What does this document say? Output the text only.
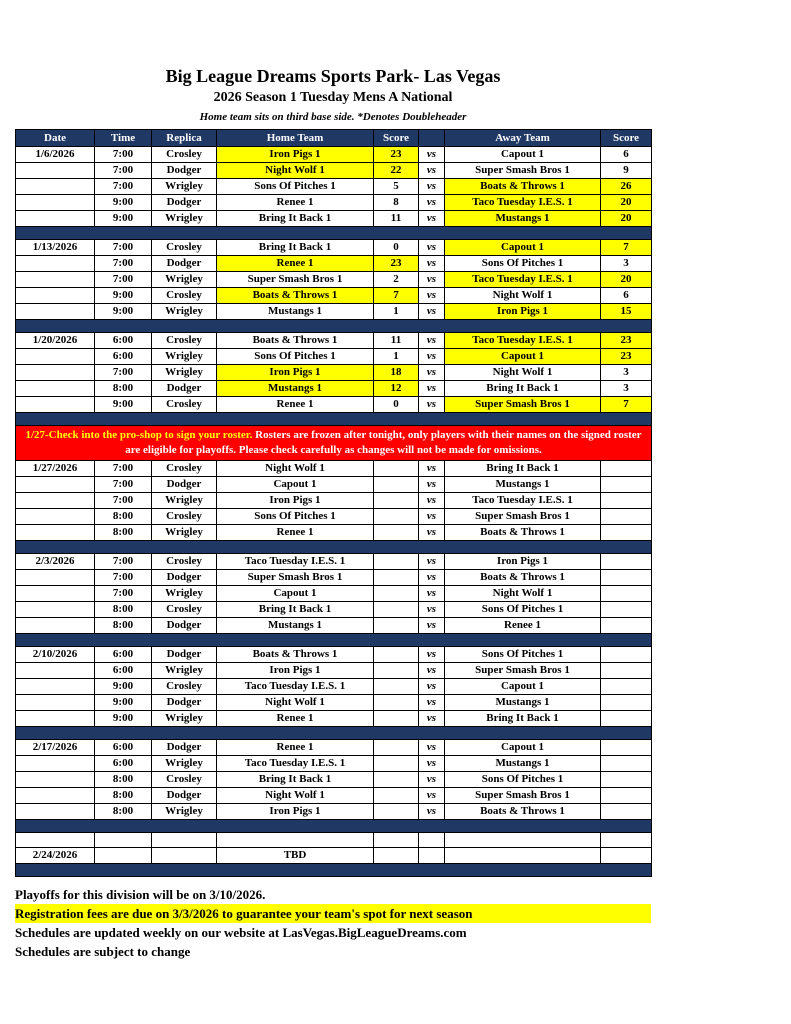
Big League Dreams Sports Park- Las Vegas
2026 Season 1 Tuesday Mens A National
Home team sits on third base side. *Denotes Doubleheader
Date	Time	Replica	Home Team	Score		Away Team	Score
1/6/2026	7:00	Crosley	Iron Pigs 1	23	vs	Capout 1	6
	7:00	Dodger	Night Wolf 1	22	vs	Super Smash Bros 1	9
	7:00	Wrigley	Sons Of Pitches 1	5	vs	Boats & Throws 1	26
	9:00	Dodger	Renee 1	8	vs	Taco Tuesday I.E.S. 1	20
	9:00	Wrigley	Bring It Back 1	11	vs	Mustangs 1	20

1/13/2026	7:00	Crosley	Bring It Back 1	0	vs	Capout 1	7
	7:00	Dodger	Renee 1	23	vs	Sons Of Pitches 1	3
	7:00	Wrigley	Super Smash Bros 1	2	vs	Taco Tuesday I.E.S. 1	20
	9:00	Crosley	Boats & Throws 1	7	vs	Night Wolf 1	6
	9:00	Wrigley	Mustangs 1	1	vs	Iron Pigs 1	15

1/20/2026	6:00	Crosley	Boats & Throws 1	11	vs	Taco Tuesday I.E.S. 1	23
	6:00	Wrigley	Sons Of Pitches 1	1	vs	Capout 1	23
	7:00	Wrigley	Iron Pigs 1	18	vs	Night Wolf 1	3
	8:00	Dodger	Mustangs 1	12	vs	Bring It Back 1	3
	9:00	Crosley	Renee 1	0	vs	Super Smash Bros 1	7

1/27-Check into the pro-shop to sign your roster. Rosters are frozen after tonight, only players with their names on the signed roster are eligible for playoffs. Please check carefully as changes will not be made for omissions.							
1/27/2026	7:00	Crosley	Night Wolf 1		vs	Bring It Back 1	
	7:00	Dodger	Capout 1		vs	Mustangs 1	
	7:00	Wrigley	Iron Pigs 1		vs	Taco Tuesday I.E.S. 1	
	8:00	Crosley	Sons Of Pitches 1		vs	Super Smash Bros 1	
	8:00	Wrigley	Renee 1		vs	Boats & Throws 1	

2/3/2026	7:00	Crosley	Taco Tuesday I.E.S. 1		vs	Iron Pigs 1	
	7:00	Dodger	Super Smash Bros 1		vs	Boats & Throws 1	
	7:00	Wrigley	Capout 1		vs	Night Wolf 1	
	8:00	Crosley	Bring It Back 1		vs	Sons Of Pitches 1	
	8:00	Dodger	Mustangs 1		vs	Renee 1	

2/10/2026	6:00	Dodger	Boats & Throws 1		vs	Sons Of Pitches 1	
	6:00	Wrigley	Iron Pigs 1		vs	Super Smash Bros 1	
	9:00	Crosley	Taco Tuesday I.E.S. 1		vs	Capout 1	
	9:00	Dodger	Night Wolf 1		vs	Mustangs 1	
	9:00	Wrigley	Renee 1		vs	Bring It Back 1	

2/17/2026	6:00	Dodger	Renee 1		vs	Capout 1	
	6:00	Wrigley	Taco Tuesday I.E.S. 1		vs	Mustangs 1	
	8:00	Crosley	Bring It Back 1		vs	Sons Of Pitches 1	
	8:00	Dodger	Night Wolf 1		vs	Super Smash Bros 1	
	8:00	Wrigley	Iron Pigs 1		vs	Boats & Throws 1	

2/24/2026			TBD				

Playoffs for this division will be on 3/10/2026.
Registration fees are due on 3/3/2026 to guarantee your team's spot for next season
Schedules are updated weekly on our website at LasVegas.BigLeagueDreams.com
Schedules are subject to change
